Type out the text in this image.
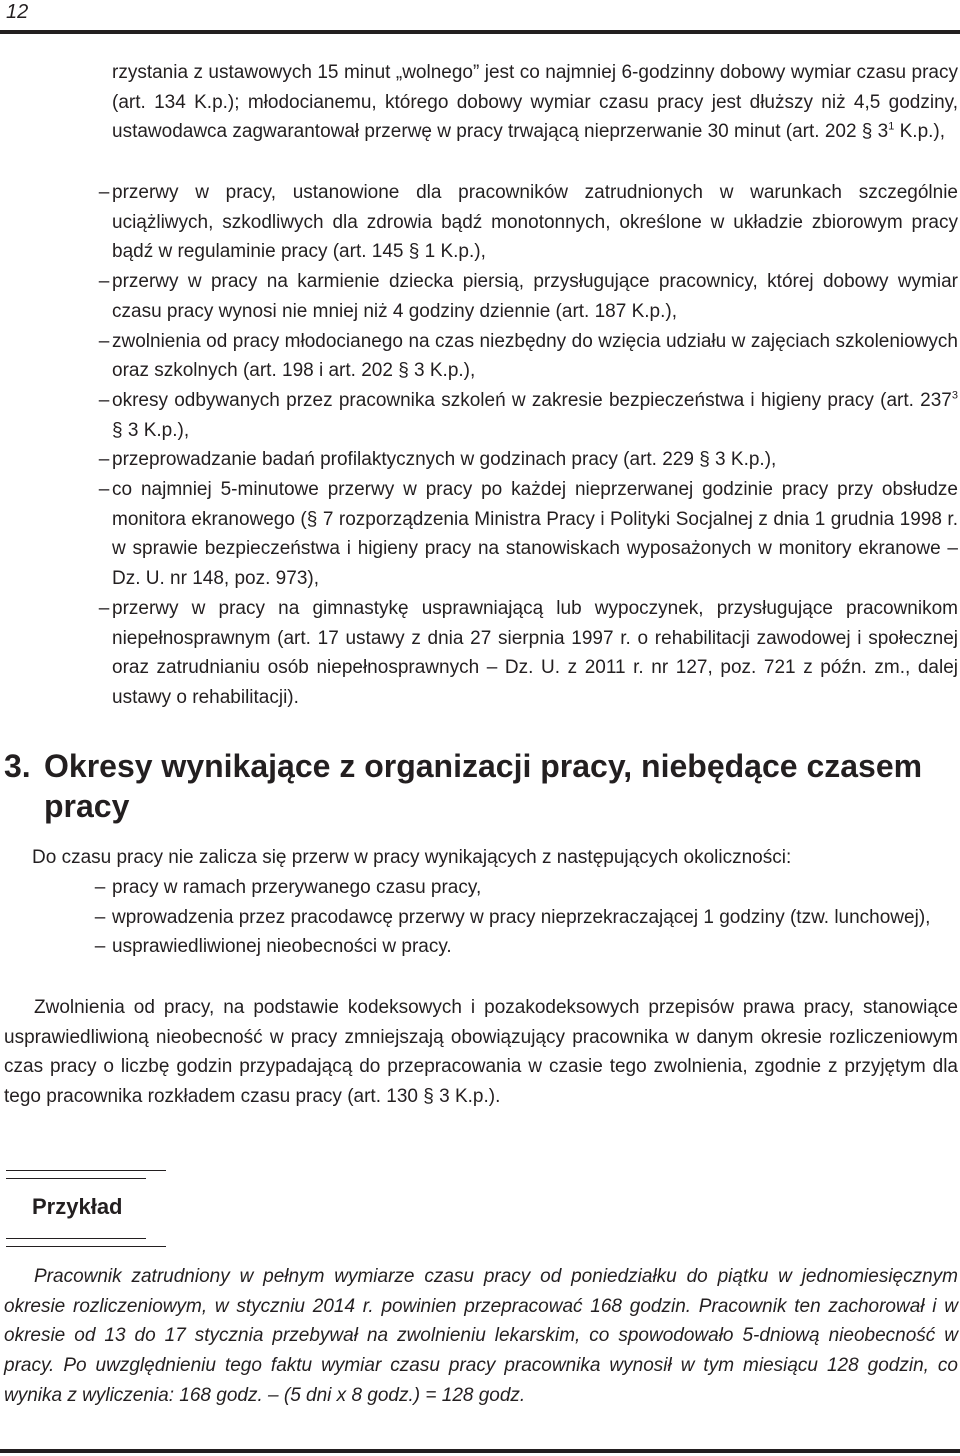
12
rzystania z ustawowych 15 minut „wolnego” jest co najmniej 6-godzinny dobowy wymiar czasu pracy (art. 134 K.p.); młodocianemu, którego dobowy wymiar czasu pracy jest dłuższy niż 4,5 godziny, ustawodawca zagwarantował przerwę w pracy trwającą nieprzerwanie 30 minut (art. 202 § $3^1$ K.p.),
– przerwy w pracy, ustanowione dla pracowników zatrudnionych w warunkach szczególnie uciążliwych, szkodliwych dla zdrowia bądź monotonnych, określone w układzie zbiorowym pracy bądź w regulaminie pracy (art. 145 § 1 K.p.),
– przerwy w pracy na karmienie dziecka piersią, przysługujące pracownicy, której dobowy wymiar czasu pracy wynosi nie mniej niż 4 godziny dziennie (art. 187 K.p.),
– zwolnienia od pracy młodocianego na czas niezbędny do wzięcia udziału w zajęciach szkoleniowych oraz szkolnych (art. 198 i art. 202 § 3 K.p.),
– okresy odbywanych przez pracownika szkoleń w zakresie bezpieczeństwa i higieny pracy (art. $237^3$ § 3 K.p.),
– przeprowadzanie badań profilaktycznych w godzinach pracy (art. 229 § 3 K.p.),
– co najmniej 5-minutowe przerwy w pracy po każdej nieprzerwanej godzinie pracy przy obsłudze monitora ekranowego (§ 7 rozporządzenia Ministra Pracy i Polityki Socjalnej z dnia 1 grudnia 1998 r. w sprawie bezpieczeństwa i higieny pracy na stanowiskach wyposażonych w monitory ekranowe – Dz. U. nr 148, poz. 973),
– przerwy w pracy na gimnastykę usprawniającą lub wypoczynek, przysługujące pracownikom niepełnosprawnym (art. 17 ustawy z dnia 27 sierpnia 1997 r. o rehabilitacji zawodowej i społecznej oraz zatrudnianiu osób niepełnosprawnych – Dz. U. z 2011 r. nr 127, poz. 721 z późn. zm., dalej ustawy o rehabilitacji).
3. Okresy wynikające z organizacji pracy, niebędące czasem
pracy
Do czasu pracy nie zalicza się przerw w pracy wynikających z następujących okoliczności:
– pracy w ramach przerywanego czasu pracy,
– wprowadzenia przez pracodawcę przerwy w pracy nieprzekraczającej 1 godziny (tzw. lunchowej),
– usprawiedliwionej nieobecności w pracy.
Zwolnienia od pracy, na podstawie kodeksowych i pozakodeksowych przepisów prawa pracy, stanowiące usprawiedliwioną nieobecność w pracy zmniejszają obowiązujący pracownika w danym okresie rozliczeniowym czas pracy o liczbę godzin przypadającą do przepracowania w czasie tego zwolnienia, zgodnie z przyjętym dla tego pracownika rozkładem czasu pracy (art. 130 § 3 K.p.).
Przykład
Pracownik zatrudniony w pełnym wymiarze czasu pracy od poniedziałku do piątku w jednomiesięcznym okresie rozliczeniowym, w styczniu 2014 r. powinien przepracować 168 godzin. Pracownik ten zachorował i w okresie od 13 do 17 stycznia przebywał na zwolnieniu lekarskim, co spowodowało 5-dniową nieobecność w pracy. Po uwzględnieniu tego faktu wymiar czasu pracy pracownika wynosił w tym miesiącu 128 godzin, co wynika z wyliczenia: 168 godz. – (5 dni x 8 godz.) = 128 godz.
